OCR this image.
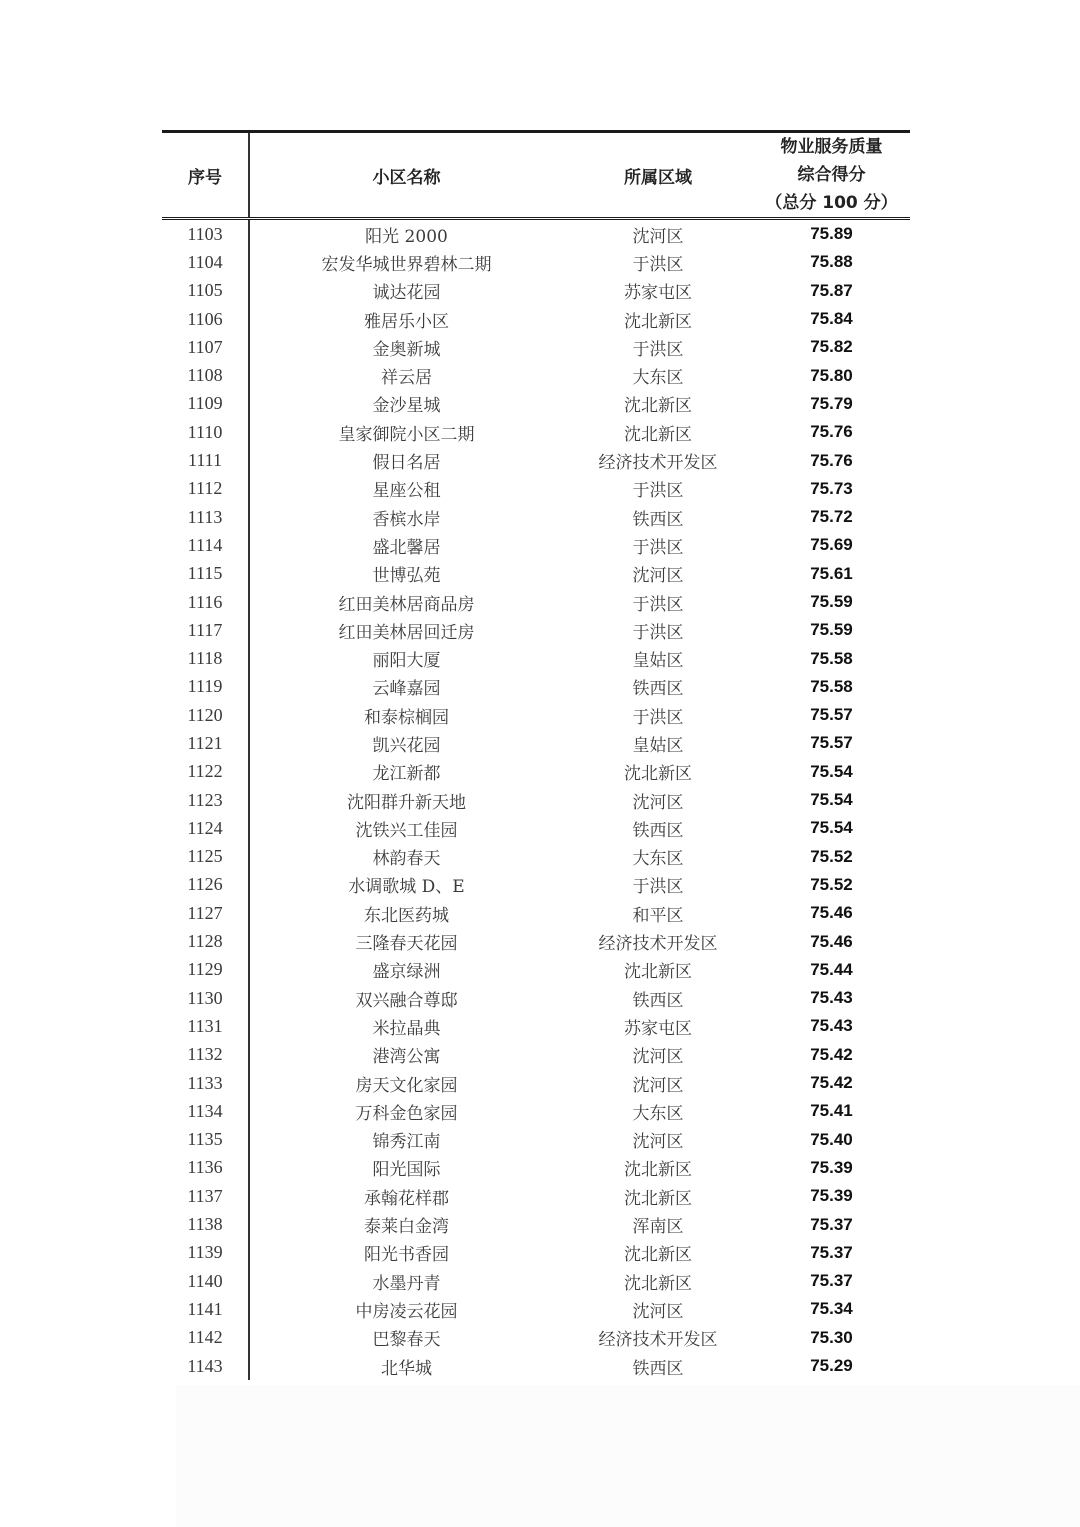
序号	小区名称	所属区域	物业服务质量
综合得分
（总分 100 分）

1103	阳光 2000	沈河区	75.89
1104	宏发华城世界碧林二期	于洪区	75.88
1105	诚达花园	苏家屯区	75.87
1106	雅居乐小区	沈北新区	75.84
1107	金奥新城	于洪区	75.82
1108	祥云居	大东区	75.80
1109	金沙星城	沈北新区	75.79
1110	皇家御院小区二期	沈北新区	75.76
1111	假日名居	经济技术开发区	75.76
1112	星座公租	于洪区	75.73
1113	香槟水岸	铁西区	75.72
1114	盛北馨居	于洪区	75.69
1115	世博弘苑	沈河区	75.61
1116	红田美林居商品房	于洪区	75.59
1117	红田美林居回迁房	于洪区	75.59
1118	丽阳大厦	皇姑区	75.58
1119	云峰嘉园	铁西区	75.58
1120	和泰棕榈园	于洪区	75.57
1121	凯兴花园	皇姑区	75.57
1122	龙江新都	沈北新区	75.54
1123	沈阳群升新天地	沈河区	75.54
1124	沈铁兴工佳园	铁西区	75.54
1125	林韵春天	大东区	75.52
1126	水调歌城 D、E	于洪区	75.52
1127	东北医药城	和平区	75.46
1128	三隆春天花园	经济技术开发区	75.46
1129	盛京绿洲	沈北新区	75.44
1130	双兴融合尊邸	铁西区	75.43
1131	米拉晶典	苏家屯区	75.43
1132	港湾公寓	沈河区	75.42
1133	房天文化家园	沈河区	75.42
1134	万科金色家园	大东区	75.41
1135	锦秀江南	沈河区	75.40
1136	阳光国际	沈北新区	75.39
1137	承翰花样郡	沈北新区	75.39
1138	泰莱白金湾	浑南区	75.37
1139	阳光书香园	沈北新区	75.37
1140	水墨丹青	沈北新区	75.37
1141	中房凌云花园	沈河区	75.34
1142	巴黎春天	经济技术开发区	75.30
1143	北华城	铁西区	75.29
